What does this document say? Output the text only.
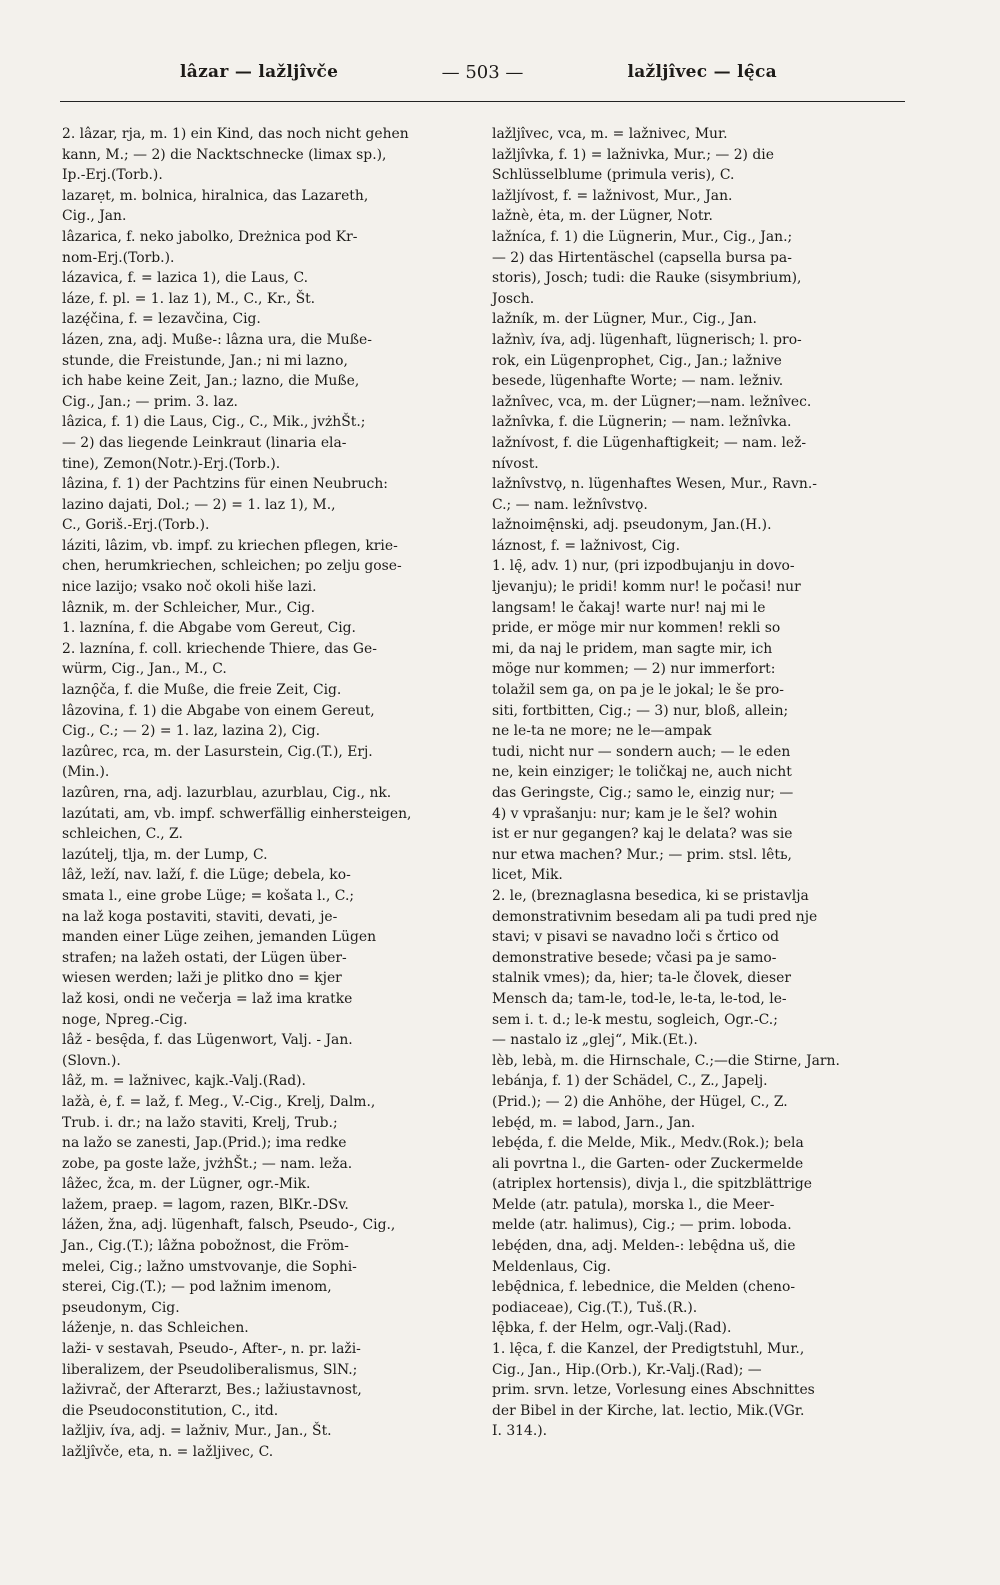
lâzar — lažljîvče	— 503 —	lažljîvec — lę̑ca
2. lâzar, rja, m. 1) ein Kind, das noch nicht gehen
kann, M.; — 2) die Nacktschnecke (limax sp.),
Ip.-Erj.(Torb.).
lazarẹt, m. bolnica, hiralnica, das Lazareth,
Cig., Jan.
lâzarica, f. neko jabolko, Dreżnica pod Kr-
nom-Erj.(Torb.).
lázavica, f. = lazica 1), die Laus, C.
láze, f. pl. = 1. laz 1), M., C., Kr., Št.
lazę́čina, f. = lezavčina, Cig.
lázen, zna, adj. Muße-: lâzna ura, die Muße-
stunde, die Freistunde, Jan.; ni mi lazno,
ich habe keine Zeit, Jan.; lazno, die Muße,
Cig., Jan.; — prim. 3. laz.
lâzica, f. 1) die Laus, Cig., C., Mik., jvżhŠt.;
— 2) das liegende Leinkraut (linaria ela-
tine), Zemon(Notr.)-Erj.(Torb.).
lâzina, f. 1) der Pachtzins für einen Neubruch:
lazino dajati, Dol.; — 2) = 1. laz 1), M.,
C., Goriš.-Erj.(Torb.).
láziti, lâzim, vb. impf. zu kriechen pflegen, krie-
chen, herumkriechen, schleichen; po zelju gose-
nice lazijo; vsako noč okoli hiše lazi.
lâznik, m. der Schleicher, Mur., Cig.
1. laznína, f. die Abgabe vom Gereut, Cig.
2. laznína, f. coll. kriechende Thiere, das Ge-
würm, Cig., Jan., M., C.
laznǫ̑ča, f. die Muße, die freie Zeit, Cig.
lâzovina, f. 1) die Abgabe von einem Gereut,
Cig., C.; — 2) = 1. laz, lazina 2), Cig.
lazûrec, rca, m. der Lasurstein, Cig.(T.), Erj.
(Min.).
lazûren, rna, adj. lazurblau, azurblau, Cig., nk.
lazútati, am, vb. impf. schwerfällig einhersteigen,
schleichen, C., Z.
lazútelj, tlja, m. der Lump, C.
lâž, leží, nav. laží, f. die Lüge; debela, ko-
smata l., eine grobe Lüge; = košata l., C.;
na laž koga postaviti, staviti, devati, je-
manden einer Lüge zeihen, jemanden Lügen
strafen; na lažeh ostati, der Lügen über-
wiesen werden; laži je plitko dno = kjer
laž kosi, ondi ne večerja = laž ima kratke
noge, Npreg.-Cig.
lâž - besę̑da, f. das Lügenwort, Valj. - Jan.
(Slovn.).
lâž, m. = lažnivec, kajk.-Valj.(Rad).
lažà, ė, f. = laž, f. Meg., V.-Cig., Krelj, Dalm.,
Trub. i. dr.; na lažo staviti, Krelj, Trub.;
na lažo se zanesti, Jap.(Prid.); ima redke
zobe, pa goste laže, jvżhŠt.; — nam. leža.
lâžec, žca, m. der Lügner, ogr.-Mik.
lažem, praep. = lagom, razen, BlKr.-DSv.
lážen, žna, adj. lügenhaft, falsch, Pseudo-, Cig.,
Jan., Cig.(T.); lâžna pobožnost, die Fröm-
melei, Cig.; lažno umstvovanje, die Sophi-
sterei, Cig.(T.); — pod lažnim imenom,
pseudonym, Cig.
láženje, n. das Schleichen.
laži- v sestavah, Pseudo-, After-, n. pr. laži-
liberalizem, der Pseudoliberalismus, SlN.;
laživrač, der Afterarzt, Bes.; lažiustavnost,
die Pseudoconstitution, C., itd.
lažljiv, íva, adj. = lažniv, Mur., Jan., Št.
lažljîvče, eta, n. = lažljivec, C.
lažljîvec, vca, m. = lažnivec, Mur.
lažljîvka, f. 1) = lažnivka, Mur.; — 2) die
Schlüsselblume (primula veris), C.
lažljívost, f. = lažnivost, Mur., Jan.
lažnè, ėta, m. der Lügner, Notr.
lažníca, f. 1) die Lügnerin, Mur., Cig., Jan.;
— 2) das Hirtentäschel (capsella bursa pa-
storis), Josch; tudi: die Rauke (sisymbrium),
Josch.
lažník, m. der Lügner, Mur., Cig., Jan.
lažnìv, íva, adj. lügenhaft, lügnerisch; l. pro-
rok, ein Lügenprophet, Cig., Jan.; lažnive
besede, lügenhafte Worte; — nam. ležniv.
lažnîvec, vca, m. der Lügner;—nam. ležnîvec.
lažnîvka, f. die Lügnerin; — nam. ležnîvka.
lažnívost, f. die Lügenhaftigkeit; — nam. lež-
nívost.
lažnîvstvǫ, n. lügenhaftes Wesen, Mur., Ravn.-
C.; — nam. ležnîvstvǫ.
lažnoimę̑nski, adj. pseudonym, Jan.(H.).
láznost, f. = lažnivost, Cig.
1. lę̑, adv. 1) nur, (pri izpodbujanju in dovo-
ljevanju); le pridi! komm nur! le počasi! nur
langsam! le čakaj! warte nur! naj mi le
pride, er möge mir nur kommen! rekli so
mi, da naj le pridem, man sagte mir, ich
möge nur kommen; — 2) nur immerfort:
tolažil sem ga, on pa je le jokal; le še pro-
siti, fortbitten, Cig.; — 3) nur, bloß, allein;
ne le-ta ne more; ne le—ampak
tudi, nicht nur — sondern auch; — le eden
ne, kein einziger; le toličkaj ne, auch nicht
das Geringste, Cig.; samo le, einzig nur; —
4) v vprašanju: nur; kam je le šel? wohin
ist er nur gegangen? kaj le delata? was sie
nur etwa machen? Mur.; — prim. stsl. lêtь,
licet, Mik.
2. le, (breznaglasna besedica, ki se pristavlja
demonstrativnim besedam ali pa tudi pred nje
stavi; v pisavi se navadno loči s črtico od
demonstrative besede; včasi pa je samo-
stalnik vmes); da, hier; ta-le človek, dieser
Mensch da; tam-le, tod-le, le-ta, le-tod, le-
sem i. t. d.; le-k mestu, sogleich, Ogr.-C.;
— nastalo iz „glej“, Mik.(Et.).
lèb, lebà, m. die Hirnschale, C.;—die Stirne, Jarn.
lebánja, f. 1) der Schädel, C., Z., Japelj.
(Prid.); — 2) die Anhöhe, der Hügel, C., Z.
lebę́d, m. = labod, Jarn., Jan.
lebę́da, f. die Melde, Mik., Medv.(Rok.); bela
ali povrtna l., die Garten- oder Zuckermelde
(atriplex hortensis), divja l., die spitzblättrige
Melde (atr. patula), morska l., die Meer-
melde (atr. halimus), Cig.; — prim. loboda.
lebę́den, dna, adj. Melden-: lebę̑dna uš, die
Meldenlaus, Cig.
lebę̑dnica, f. lebednice, die Melden (cheno-
podiaceae), Cig.(T.), Tuš.(R.).
lę̑bka, f. der Helm, ogr.-Valj.(Rad).
1. lę̑ca, f. die Kanzel, der Predigtstuhl, Mur.,
Cig., Jan., Hip.(Orb.), Kr.-Valj.(Rad); —
prim. srvn. letze, Vorlesung eines Abschnittes
der Bibel in der Kirche, lat. lectio, Mik.(VGr.
I. 314.).
